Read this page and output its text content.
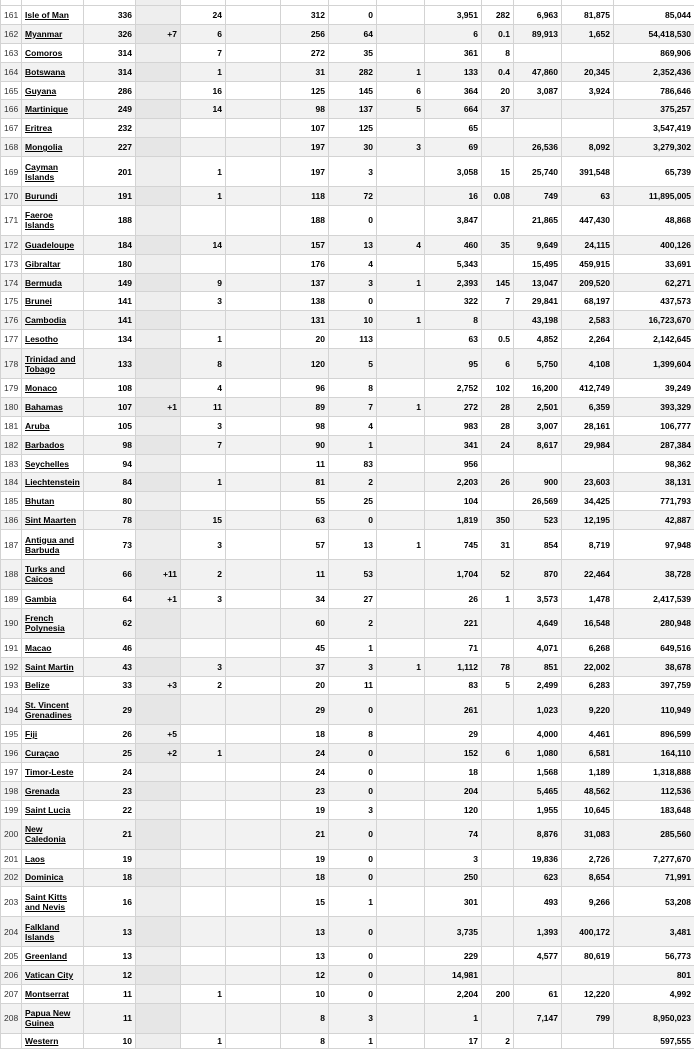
161	Isle of Man	336		24		312	0		3,951	282	6,963	81,875	85,044
162	Myanmar	326	+7	6		256	64		6	0.1	89,913	1,652	54,418,530
163	Comoros	314		7		272	35		361	8			869,906
164	Botswana	314		1		31	282	1	133	0.4	47,860	20,345	2,352,436
165	Guyana	286		16		125	145	6	364	20	3,087	3,924	786,646
166	Martinique	249		14		98	137	5	664	37			375,257
167	Eritrea	232				107	125		65				3,547,419
168	Mongolia	227				197	30	3	69		26,536	8,092	3,279,302
169	Cayman Islands	201		1		197	3		3,058	15	25,740	391,548	65,739
170	Burundi	191		1		118	72		16	0.08	749	63	11,895,005
171	Faeroe Islands	188				188	0		3,847		21,865	447,430	48,868
172	Guadeloupe	184		14		157	13	4	460	35	9,649	24,115	400,126
173	Gibraltar	180				176	4		5,343		15,495	459,915	33,691
174	Bermuda	149		9		137	3	1	2,393	145	13,047	209,520	62,271
175	Brunei	141		3		138	0		322	7	29,841	68,197	437,573
176	Cambodia	141				131	10	1	8		43,198	2,583	16,723,670
177	Lesotho	134		1		20	113		63	0.5	4,852	2,264	2,142,645
178	Trinidad and Tobago	133		8		120	5		95	6	5,750	4,108	1,399,604
179	Monaco	108		4		96	8		2,752	102	16,200	412,749	39,249
180	Bahamas	107	+1	11		89	7	1	272	28	2,501	6,359	393,329
181	Aruba	105		3		98	4		983	28	3,007	28,161	106,777
182	Barbados	98		7		90	1		341	24	8,617	29,984	287,384
183	Seychelles	94				11	83		956				98,362
184	Liechtenstein	84		1		81	2		2,203	26	900	23,603	38,131
185	Bhutan	80				55	25		104		26,569	34,425	771,793
186	Sint Maarten	78		15		63	0		1,819	350	523	12,195	42,887
187	Antigua and Barbuda	73		3		57	13	1	745	31	854	8,719	97,948
188	Turks and Caicos	66	+11	2		11	53		1,704	52	870	22,464	38,728
189	Gambia	64	+1	3		34	27		26	1	3,573	1,478	2,417,539
190	French Polynesia	62				60	2		221		4,649	16,548	280,948
191	Macao	46				45	1		71		4,071	6,268	649,516
192	Saint Martin	43		3		37	3	1	1,112	78	851	22,002	38,678
193	Belize	33	+3	2		20	11		83	5	2,499	6,283	397,759
194	St. Vincent Grenadines	29				29	0		261		1,023	9,220	110,949
195	Fiji	26	+5			18	8		29		4,000	4,461	896,599
196	Curaçao	25	+2	1		24	0		152	6	1,080	6,581	164,110
197	Timor-Leste	24				24	0		18		1,568	1,189	1,318,888
198	Grenada	23				23	0		204		5,465	48,562	112,536
199	Saint Lucia	22				19	3		120		1,955	10,645	183,648
200	New Caledonia	21				21	0		74		8,876	31,083	285,560
201	Laos	19				19	0		3		19,836	2,726	7,277,670
202	Dominica	18				18	0		250		623	8,654	71,991
203	Saint Kitts and Nevis	16				15	1		301		493	9,266	53,208
204	Falkland Islands	13				13	0		3,735		1,393	400,172	3,481
205	Greenland	13				13	0		229		4,577	80,619	56,773
206	Vatican City	12				12	0		14,981				801
207	Montserrat	11		1		10	0		2,204	200	61	12,220	4,992
208	Papua New Guinea	11				8	3		1		7,147	799	8,950,023
	Western	10		1		8	1		17	2			597,555
